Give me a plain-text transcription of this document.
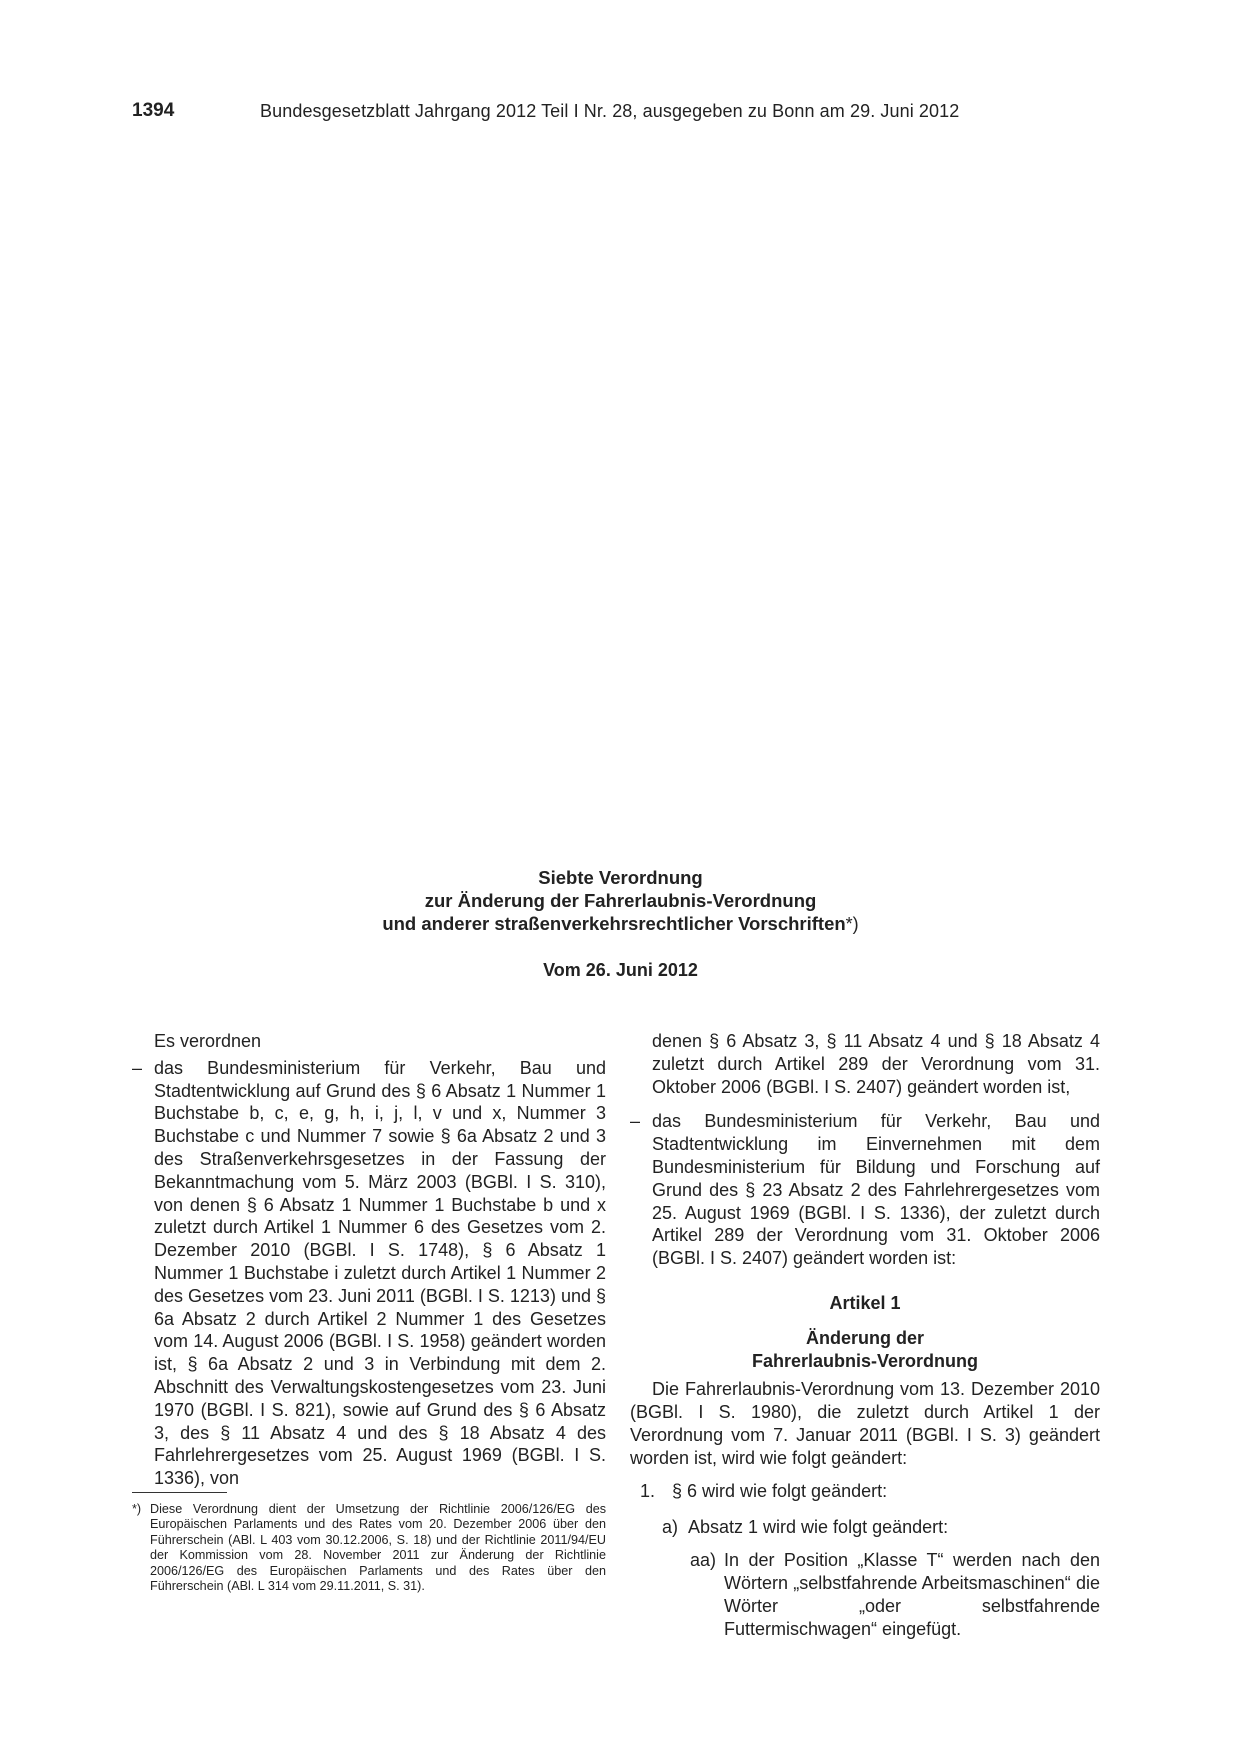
1394	Bundesgesetzblatt Jahrgang 2012 Teil I Nr. 28, ausgegeben zu Bonn am 29. Juni 2012
Siebte Verordnung
zur Änderung der Fahrerlaubnis-Verordnung
und anderer straßenverkehrsrechtlicher Vorschriften*)
Vom 26. Juni 2012

Es verordnen

– das Bundesministerium für Verkehr, Bau und Stadtentwicklung auf Grund des § 6 Absatz 1 Nummer 1 Buchstabe b, c, e, g, h, i, j, l, v und x, Nummer 3 Buchstabe c und Nummer 7 sowie § 6a Absatz 2 und 3 des Straßenverkehrsgesetzes in der Fassung der Bekanntmachung vom 5. März 2003 (BGBl. I S. 310), von denen § 6 Absatz 1 Nummer 1 Buchstabe b und x zuletzt durch Artikel 1 Nummer 6 des Gesetzes vom 2. Dezember 2010 (BGBl. I S. 1748), § 6 Absatz 1 Nummer 1 Buchstabe i zuletzt durch Artikel 1 Nummer 2 des Gesetzes vom 23. Juni 2011 (BGBl. I S. 1213) und § 6a Absatz 2 durch Artikel 2 Nummer 1 des Gesetzes vom 14. August 2006 (BGBl. I S. 1958) geändert worden ist, § 6a Absatz 2 und 3 in Verbindung mit dem 2. Abschnitt des Verwaltungskostengesetzes vom 23. Juni 1970 (BGBl. I S. 821), sowie auf Grund des § 6 Absatz 3, des § 11 Absatz 4 und des § 18 Absatz 4 des Fahrlehrergesetzes vom 25. August 1969 (BGBl. I S. 1336), von

denen § 6 Absatz 3, § 11 Absatz 4 und § 18 Absatz 4 zuletzt durch Artikel 289 der Verordnung vom 31. Oktober 2006 (BGBl. I S. 2407) geändert worden ist,

– das Bundesministerium für Verkehr, Bau und Stadtentwicklung im Einvernehmen mit dem Bundesministerium für Bildung und Forschung auf Grund des § 23 Absatz 2 des Fahrlehrergesetzes vom 25. August 1969 (BGBl. I S. 1336), der zuletzt durch Artikel 289 der Verordnung vom 31. Oktober 2006 (BGBl. I S. 2407) geändert worden ist:

Artikel 1

Änderung der
Fahrerlaubnis-Verordnung

Die Fahrerlaubnis-Verordnung vom 13. Dezember 2010 (BGBl. I S. 1980), die zuletzt durch Artikel 1 der Verordnung vom 7. Januar 2011 (BGBl. I S. 3) geändert worden ist, wird wie folgt geändert:

1. § 6 wird wie folgt geändert:

a) Absatz 1 wird wie folgt geändert:

aa) In der Position „Klasse T“ werden nach den Wörtern „selbstfahrende Arbeitsmaschinen“ die Wörter „oder selbstfahrende Futtermischwagen“ eingefügt.

*) Diese Verordnung dient der Umsetzung der Richtlinie 2006/126/EG des Europäischen Parlaments und des Rates vom 20. Dezember 2006 über den Führerschein (ABl. L 403 vom 30.12.2006, S. 18) und der Richtlinie 2011/94/EU der Kommission vom 28. November 2011 zur Änderung der Richtlinie 2006/126/EG des Europäischen Parlaments und des Rates über den Führerschein (ABl. L 314 vom 29.11.2011, S. 31).
